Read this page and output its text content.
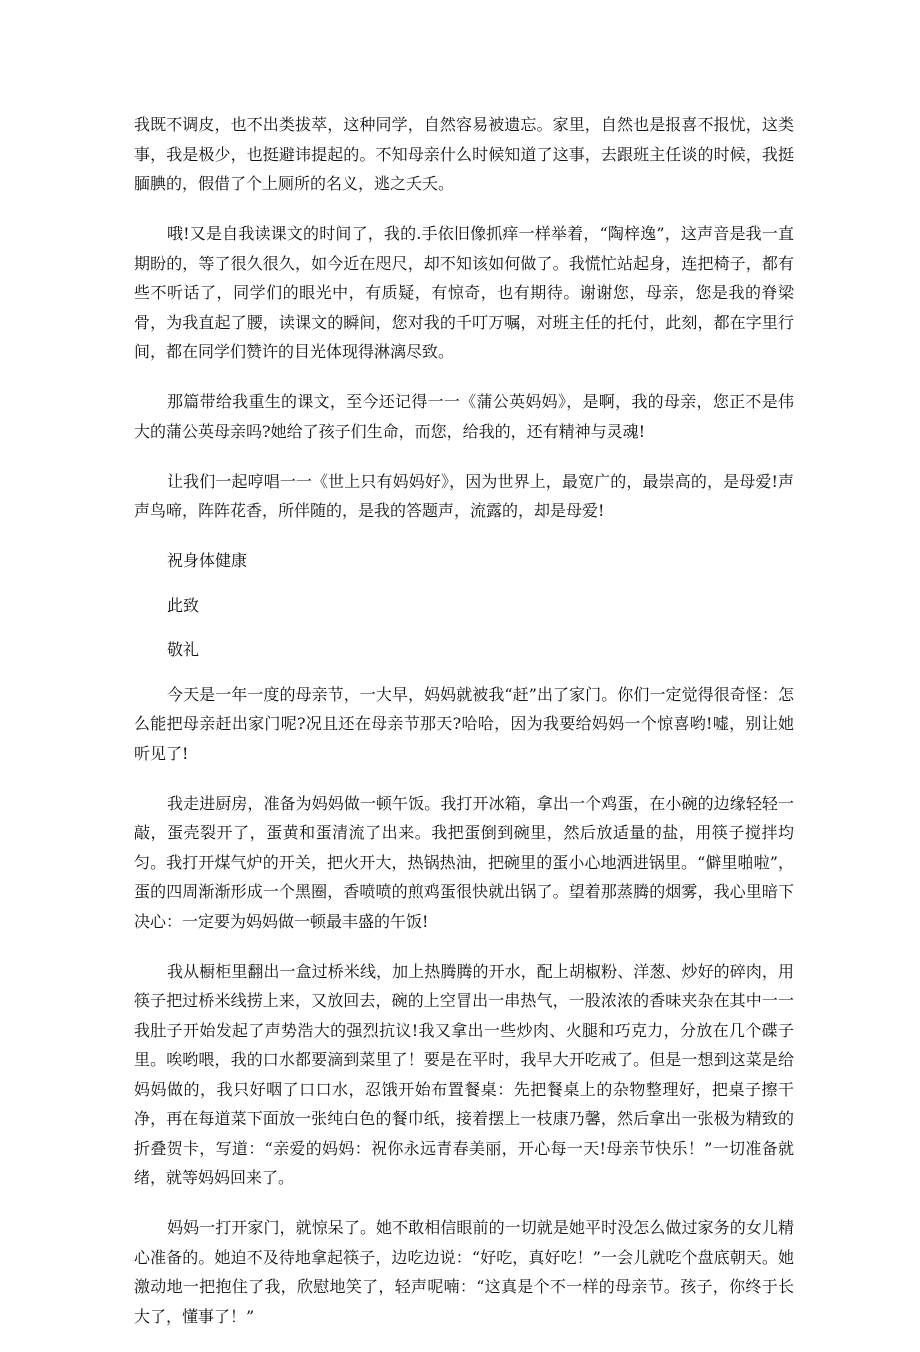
我既不调皮，也不出类拔萃，这种同学，自然容易被遗忘。家里，自然也是报喜不报忧，这类事，我是极少，也挺避讳提起的。不知母亲什么时候知道了这事，去跟班主任谈的时候，我挺腼腆的，假借了个上厕所的名义，逃之夭夭。

哦!又是自我读课文的时间了，我的.手依旧像抓痒一样举着，“陶梓逸”，这声音是我一直期盼的，等了很久很久，如今近在咫尺，却不知该如何做了。我慌忙站起身，连把椅子，都有些不听话了，同学们的眼光中，有质疑，有惊奇，也有期待。谢谢您，母亲，您是我的脊梁骨，为我直起了腰，读课文的瞬间，您对我的千叮万嘱，对班主任的托付，此刻，都在字里行间，都在同学们赞许的目光体现得淋漓尽致。

那篇带给我重生的课文，至今还记得一一《蒲公英妈妈》，是啊，我的母亲，您正不是伟大的蒲公英母亲吗?她给了孩子们生命，而您，给我的，还有精神与灵魂!

让我们一起哼唱一一《世上只有妈妈好》，因为世界上，最宽广的，最崇高的，是母爱!声声鸟啼，阵阵花香，所伴随的，是我的答题声，流露的，却是母爱!

祝身体健康

此致

敬礼

今天是一年一度的母亲节，一大早，妈妈就被我“赶”出了家门。你们一定觉得很奇怪：怎么能把母亲赶出家门呢?况且还在母亲节那天?哈哈，因为我要给妈妈一个惊喜哟!嘘，别让她听见了!

我走进厨房，准备为妈妈做一顿午饭。我打开冰箱，拿出一个鸡蛋，在小碗的边缘轻轻一敲，蛋壳裂开了，蛋黄和蛋清流了出来。我把蛋倒到碗里，然后放适量的盐，用筷子搅拌均匀。我打开煤气炉的开关，把火开大，热锅热油，把碗里的蛋小心地洒进锅里。“僻里啪啦”，蛋的四周渐渐形成一个黑圈，香喷喷的煎鸡蛋很快就出锅了。望着那蒸腾的烟雾，我心里暗下决心：一定要为妈妈做一顿最丰盛的午饭!

我从橱柜里翻出一盒过桥米线，加上热腾腾的开水，配上胡椒粉、洋葱、炒好的碎肉，用筷子把过桥米线捞上来，又放回去，碗的上空冒出一串热气，一股浓浓的香味夹杂在其中一一我肚子开始发起了声势浩大的强烈抗议!我又拿出一些炒肉、火腿和巧克力，分放在几个碟子里。唉哟喂，我的口水都要滴到菜里了！要是在平时，我早大开吃戒了。但是一想到这菜是给妈妈做的，我只好咽了口口水，忍饿开始布置餐桌：先把餐桌上的杂物整理好，把桌子擦干净，再在每道菜下面放一张纯白色的餐巾纸，接着摆上一枝康乃馨，然后拿出一张极为精致的折叠贺卡，写道：“亲爱的妈妈：祝你永远青春美丽，开心每一天!母亲节快乐！”一切准备就绪，就等妈妈回来了。

妈妈一打开家门，就惊呆了。她不敢相信眼前的一切就是她平时没怎么做过家务的女儿精心准备的。她迫不及待地拿起筷子，边吃边说：“好吃，真好吃！”一会儿就吃个盘底朝天。她激动地一把抱住了我，欣慰地笑了，轻声呢喃：“这真是个不一样的母亲节。孩子，你终于长大了，懂事了！”
